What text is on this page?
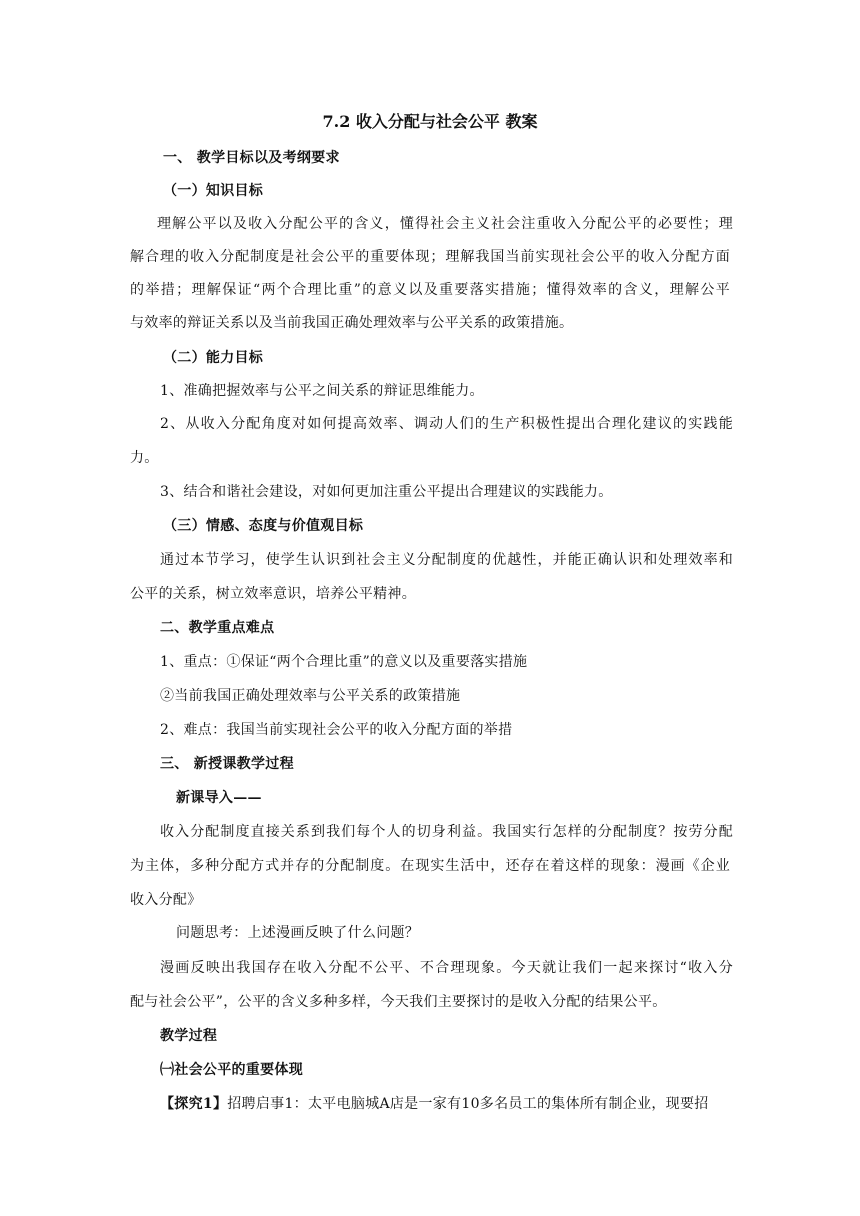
7.2 收入分配与社会公平 教案
一、 教学目标以及考纲要求
（一）知识目标
理解公平以及收入分配公平的含义，懂得社会主义社会注重收入分配公平的必要性；理
解合理的收入分配制度是社会公平的重要体现；理解我国当前实现社会公平的收入分配方面
的举措；理解保证“两个合理比重”的意义以及重要落实措施；懂得效率的含义，理解公平
与效率的辩证关系以及当前我国正确处理效率与公平关系的政策措施。
（二）能力目标
1、准确把握效率与公平之间关系的辩证思维能力。
2、从收入分配角度对如何提高效率、调动人们的生产积极性提出合理化建议的实践能
力。
3、结合和谐社会建设，对如何更加注重公平提出合理建议的实践能力。
（三）情感、态度与价值观目标
通过本节学习，使学生认识到社会主义分配制度的优越性，并能正确认识和处理效率和
公平的关系，树立效率意识，培养公平精神。
二、教学重点难点
1、重点：①保证“两个合理比重”的意义以及重要落实措施
②当前我国正确处理效率与公平关系的政策措施
2、难点：我国当前实现社会公平的收入分配方面的举措
三、 新授课教学过程
新课导入——
收入分配制度直接关系到我们每个人的切身利益。我国实行怎样的分配制度？按劳分配
为主体，多种分配方式并存的分配制度。在现实生活中，还存在着这样的现象：漫画《企业
收入分配》
问题思考：上述漫画反映了什么问题？
漫画反映出我国存在收入分配不公平、不合理现象。今天就让我们一起来探讨“收入分
配与社会公平”，公平的含义多种多样，今天我们主要探讨的是收入分配的结果公平。
教学过程
㈠社会公平的重要体现
【探究1】招聘启事1：太平电脑城A店是一家有10多名员工的集体所有制企业，现要招
